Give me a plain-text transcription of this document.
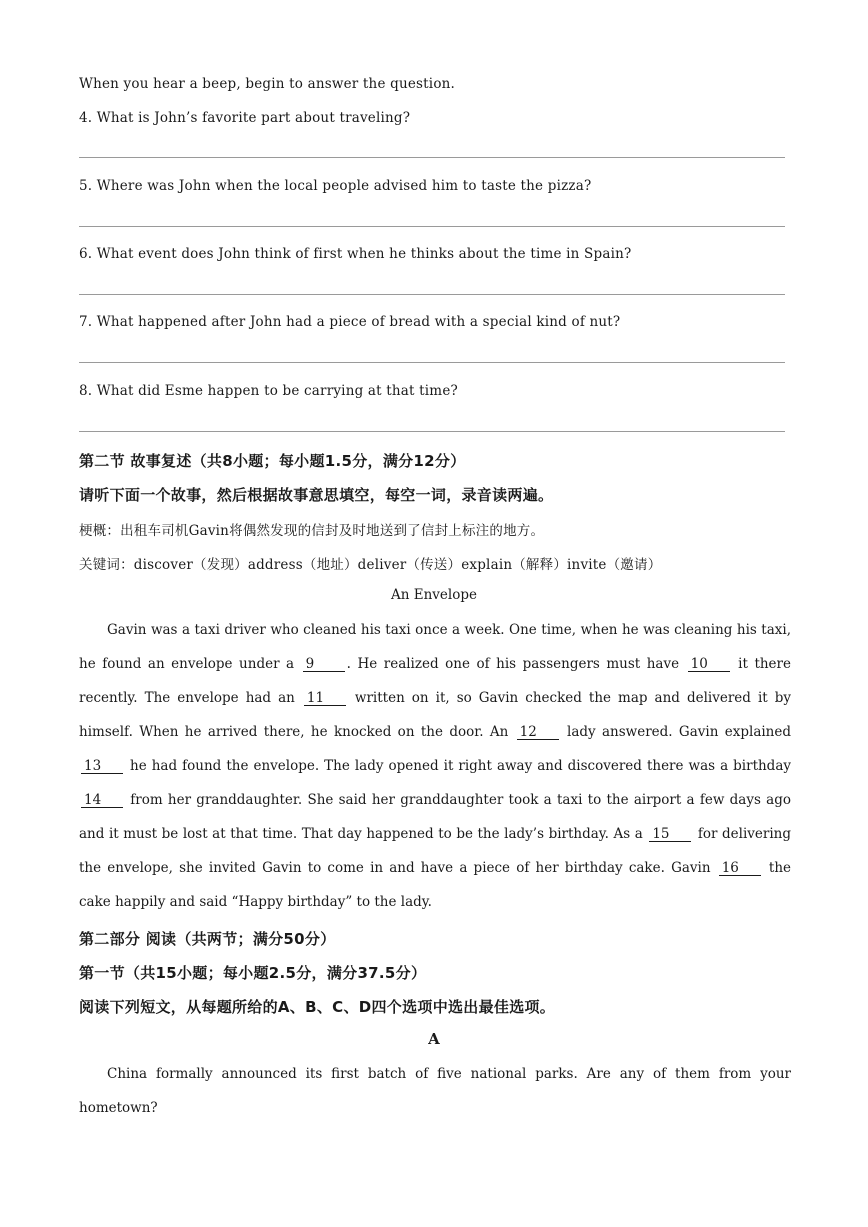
When you hear a beep, begin to answer the question.
4. What is John’s favorite part about traveling?
5. Where was John when the local people advised him to taste the pizza?
6. What event does John think of first when he thinks about the time in Spain?
7. What happened after John had a piece of bread with a special kind of nut?
8. What did Esme happen to be carrying at that time?
第二节 故事复述（共8小题；每小题1.5分，满分12分）
请听下面一个故事，然后根据故事意思填空，每空一词，录音读两遍。
梗概：出租车司机Gavin将偶然发现的信封及时地送到了信封上标注的地方。
关键词：discover（发现）address（地址）deliver（传送）explain（解释）invite（邀请）
An Envelope
Gavin was a taxi driver who cleaned his taxi once a week. One time, when he was cleaning his taxi, he found an envelope under a 9 . He realized one of his passengers must have 10 it there recently. The envelope had an 11 written on it, so Gavin checked the map and delivered it by himself. When he arrived there, he knocked on the door. An 12 lady answered. Gavin explained 13 he had found the envelope. The lady opened it right away and discovered there was a birthday 14 from her granddaughter. She said her granddaughter took a taxi to the airport a few days ago and it must be lost at that time. That day happened to be the lady’s birthday. As a 15 for delivering the envelope, she invited Gavin to come in and have a piece of her birthday cake. Gavin 16 the cake happily and said “Happy birthday” to the lady.
第二部分 阅读（共两节；满分50分）
第一节（共15小题；每小题2.5分，满分37.5分）
阅读下列短文，从每题所给的A、B、C、D四个选项中选出最佳选项。
A
China formally announced its first batch of five national parks. Are any of them from your hometown?
